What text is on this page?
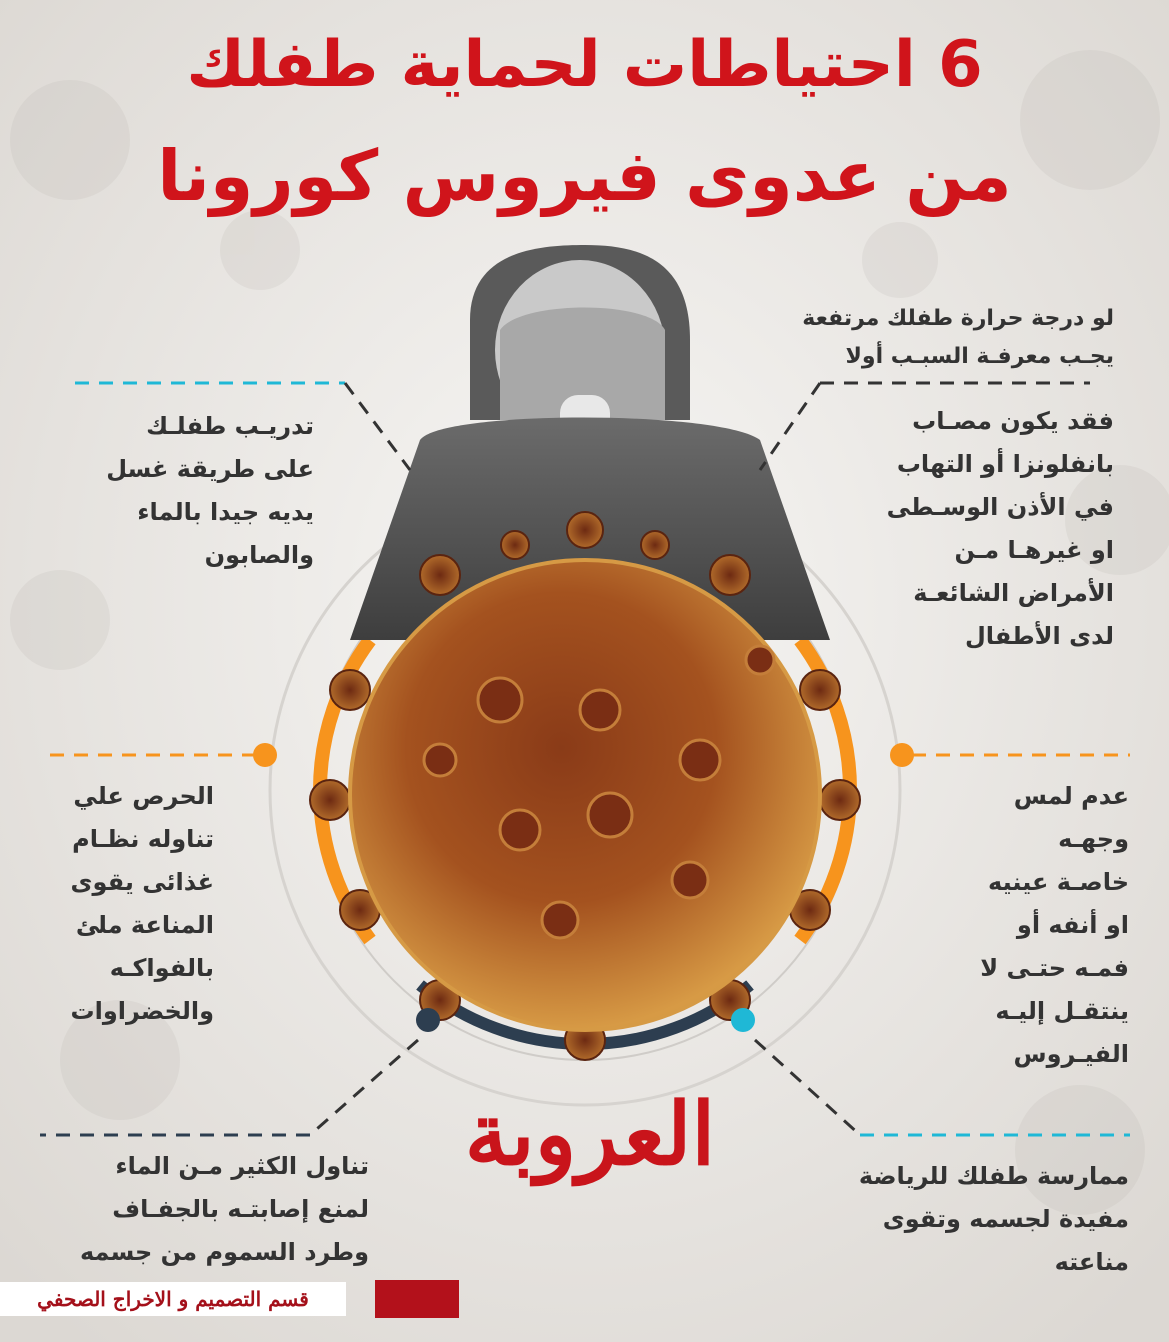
6 احتياطات لحماية طفلك
من عدوى فيروس كورونا
لو درجة حرارة طفلك مرتفعة
يجـب معرفـة السبـب أولا
فقد يكون مصـاب
بانفلونزا أو التهاب
في الأذن الوسـطى
او غيرهـا مـن
الأمراض الشائعـة
لدى الأطفال
تدريـب طفلـك
على طريقة غسل
يديه جيدا بالماء
والصابون
الحرص علي
تناوله نظـام
غذائى يقوى
المناعة ملئ
بالفواكـه
والخضراوات
عدم لمس
وجهـه
خاصـة عينيه
او أنفه أو
فمـه حتـى لا
ينتقـل إليـه
الفيـروس
تناول الكثير مـن الماء
لمنع إصابتـه بالجفـاف
وطرد السموم من جسمه
ممارسة طفلك للرياضة
مفيدة لجسمه وتقوى
مناعته
العروبة
قسم التصميم و الاخراج الصحفي
